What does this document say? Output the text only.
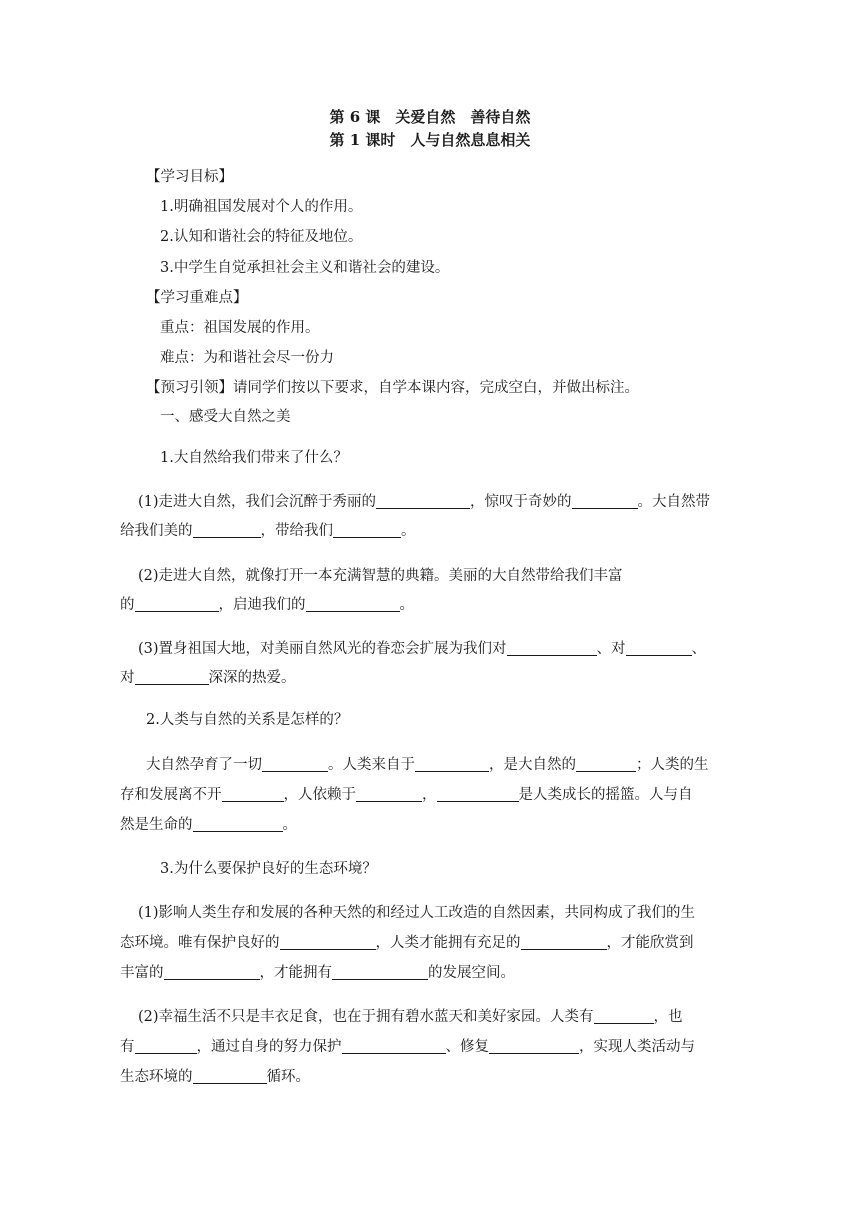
第 6 课　关爱自然　善待自然
第 1 课时　人与自然息息相关
【学习目标】
1.明确祖国发展对个人的作用。
2.认知和谐社会的特征及地位。
3.中学生自觉承担社会主义和谐社会的建设。
【学习重难点】
重点：祖国发展的作用。
难点：为和谐社会尽一份力
【预习引领】请同学们按以下要求，自学本课内容，完成空白，并做出标注。
一、感受大自然之美
1.大自然给我们带来了什么？
(1)走进大自然，我们会沉醉于秀丽的	，惊叹于奇妙的	。大自然带
给我们美的	，带给我们	。
(2)走进大自然，就像打开一本充满智慧的典籍。美丽的大自然带给我们丰富
的	，启迪我们的	。
(3)置身祖国大地，对美丽自然风光的眷恋会扩展为我们对	、对	、
对	深深的热爱。
2.人类与自然的关系是怎样的？
大自然孕育了一切	。人类来自于	，是大自然的	；人类的生
存和发展离不开	，人依赖于	，	是人类成长的摇篮。人与自
然是生命的	。
3.为什么要保护良好的生态环境？
(1)影响人类生存和发展的各种天然的和经过人工改造的自然因素，共同构成了我们的生
态环境。唯有保护良好的	，人类才能拥有充足的	，才能欣赏到
丰富的	，才能拥有	的发展空间。
(2)幸福生活不只是丰衣足食，也在于拥有碧水蓝天和美好家园。人类有	，也
有	，通过自身的努力保护	、修复	，实现人类活动与
生态环境的	循环。
